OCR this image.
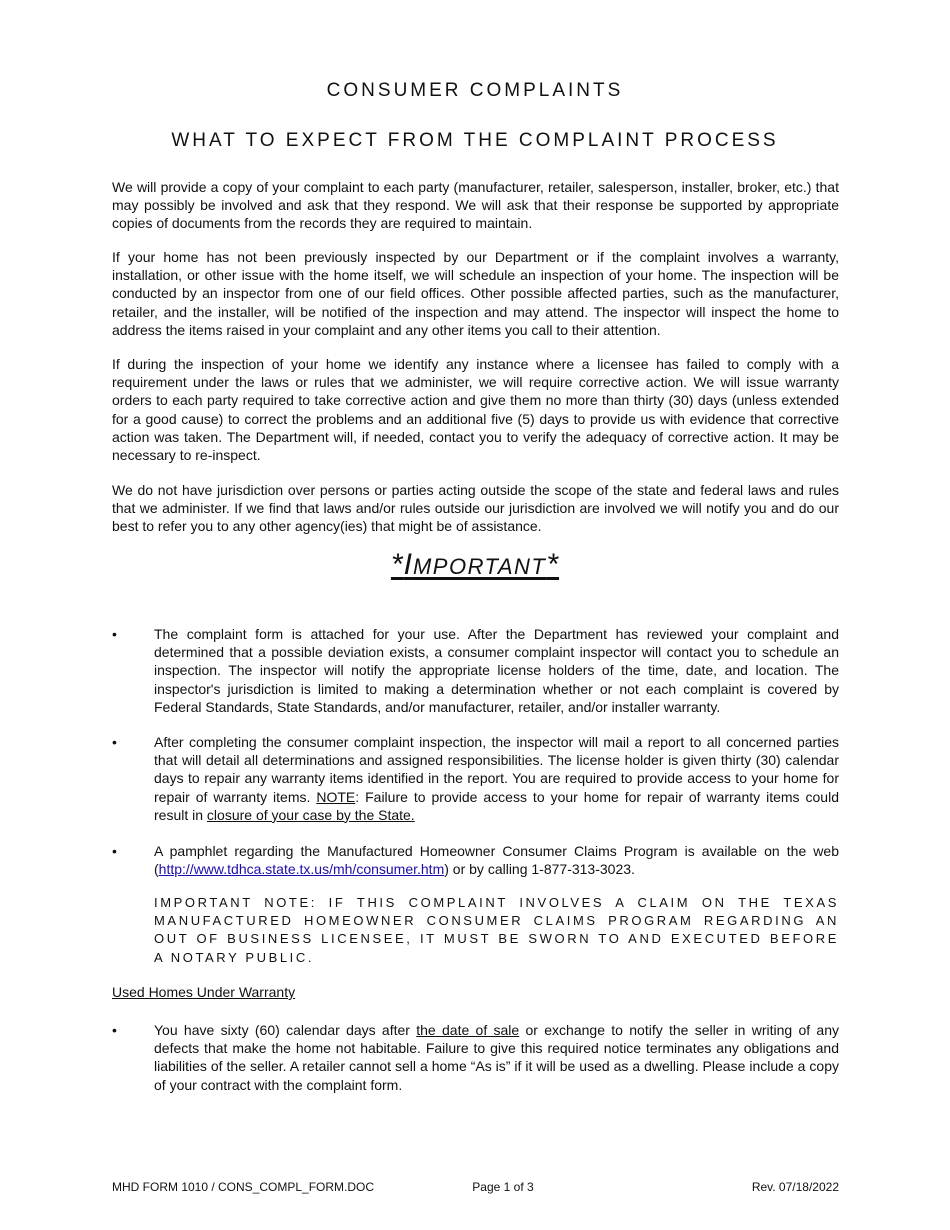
CONSUMER COMPLAINTS
WHAT TO EXPECT FROM THE COMPLAINT PROCESS

We will provide a copy of your complaint to each party (manufacturer, retailer, salesperson, installer, broker, etc.) that may possibly be involved and ask that they respond. We will ask that their response be supported by appropriate copies of documents from the records they are required to maintain.

If your home has not been previously inspected by our Department or if the complaint involves a warranty, installation, or other issue with the home itself, we will schedule an inspection of your home. The inspection will be conducted by an inspector from one of our field offices. Other possible affected parties, such as the manufacturer, retailer, and the installer, will be notified of the inspection and may attend. The inspector will inspect the home to address the items raised in your complaint and any other items you call to their attention.

If during the inspection of your home we identify any instance where a licensee has failed to comply with a requirement under the laws or rules that we administer, we will require corrective action. We will issue warranty orders to each party required to take corrective action and give them no more than thirty (30) days (unless extended for a good cause) to correct the problems and an additional five (5) days to provide us with evidence that corrective action was taken. The Department will, if needed, contact you to verify the adequacy of corrective action. It may be necessary to re-inspect.

We do not have jurisdiction over persons or parties acting outside the scope of the state and federal laws and rules that we administer. If we find that laws and/or rules outside our jurisdiction are involved we will notify you and do our best to refer you to any other agency(ies) that might be of assistance.

*IMPORTANT*
•	The complaint form is attached for your use. After the Department has reviewed your complaint and determined that a possible deviation exists, a consumer complaint inspector will contact you to schedule an inspection. The inspector will notify the appropriate license holders of the time, date, and location. The inspector's jurisdiction is limited to making a determination whether or not each complaint is covered by Federal Standards, State Standards, and/or manufacturer, retailer, and/or installer warranty.
•	After completing the consumer complaint inspection, the inspector will mail a report to all concerned parties that will detail all determinations and assigned responsibilities. The license holder is given thirty (30) calendar days to repair any warranty items identified in the report. You are required to provide access to your home for repair of warranty items. NOTE: Failure to provide access to your home for repair of warranty items could result in closure of your case by the State.
•	A pamphlet regarding the Manufactured Homeowner Consumer Claims Program is available on the web (http://www.tdhca.state.tx.us/mh/consumer.htm) or by calling 1-877-313-3023.

IMPORTANT NOTE: IF THIS COMPLAINT INVOLVES A CLAIM ON THE TEXAS MANUFACTURED HOMEOWNER CONSUMER CLAIMS PROGRAM REGARDING AN OUT OF BUSINESS LICENSEE, IT MUST BE SWORN TO AND EXECUTED BEFORE A NOTARY PUBLIC.

Used Homes Under Warranty

•	You have sixty (60) calendar days after the date of sale or exchange to notify the seller in writing of any defects that make the home not habitable. Failure to give this required notice terminates any obligations and liabilities of the seller. A retailer cannot sell a home “As is” if it will be used as a dwelling. Please include a copy of your contract with the complaint form.
MHD FORM 1010 / CONS_COMPL_FORM.DOC	Page 1 of 3	Rev. 07/18/2022
